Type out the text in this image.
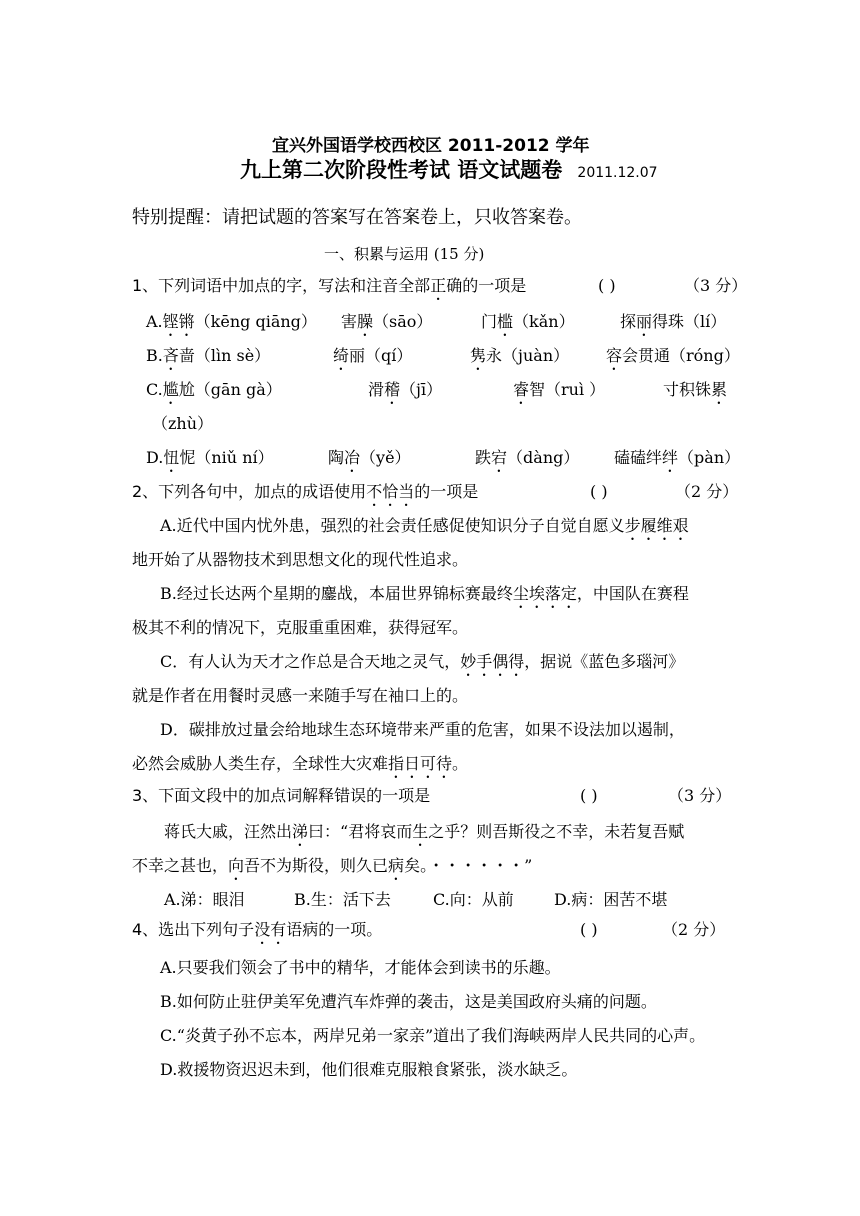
宜兴外国语学校西校区 2011-2012 学年
九上第二次阶段性考试 语文试题卷 2011.12.07
特别提醒：请把试题的答案写在答案卷上，只收答案卷。
一、积累与运用 (15 分)
1、下列词语中加点的字，写法和注音全部正确的一项是	( )	（3 分）
A.铿锵（kēng qiāng） 害臊（sāo）	门槛（kǎn）	探丽得珠（lí）
B.吝啬（lìn sè）	绮丽（qí）	隽永（juàn） 容会贯通（róng）
C.尴尬（gān gà）	滑稽（jī）	睿智（ruì ）	寸积铢累
（zhù）
D.忸怩（niǔ ní）	陶冶（yě）	跌宕（dàng） 磕磕绊绊（pàn）
2、下列各句中，加点的成语使用不恰当的一项是	( )	（2 分）
A.近代中国内忧外患，强烈的社会责任感促使知识分子自觉自愿义步履维艰
地开始了从器物技术到思想文化的现代性追求。
B.经过长达两个星期的鏖战，本届世界锦标赛最终尘埃落定，中国队在赛程
极其不利的情况下，克服重重困难，获得冠军。
C．有人认为天才之作总是合天地之灵气，妙手偶得，据说《蓝色多瑙河》
就是作者在用餐时灵感一来随手写在袖口上的。
D．碳排放过量会给地球生态环境带来严重的危害，如果不设法加以遏制，
必然会威胁人类生存，全球性大灾难指日可待。
3、下面文段中的加点词解释错误的一项是	( )	（3 分）
蒋氏大戚，汪然出涕曰：“君将哀而生之乎？则吾斯役之不幸，未若复吾赋
不幸之甚也，向吾不为斯役，则久已病矣。・・・・・・”
A.涕：眼泪	B.生：活下去	C.向：从前	D.病：困苦不堪
4、选出下列句子没有语病的一项。	( )	（2 分）
A.只要我们领会了书中的精华，才能体会到读书的乐趣。
B.如何防止驻伊美军免遭汽车炸弹的袭击，这是美国政府头痛的问题。
C.“炎黄子孙不忘本，两岸兄弟一家亲”道出了我们海峡两岸人民共同的心声。
D.救援物资迟迟未到，他们很难克服粮食紧张，淡水缺乏。
